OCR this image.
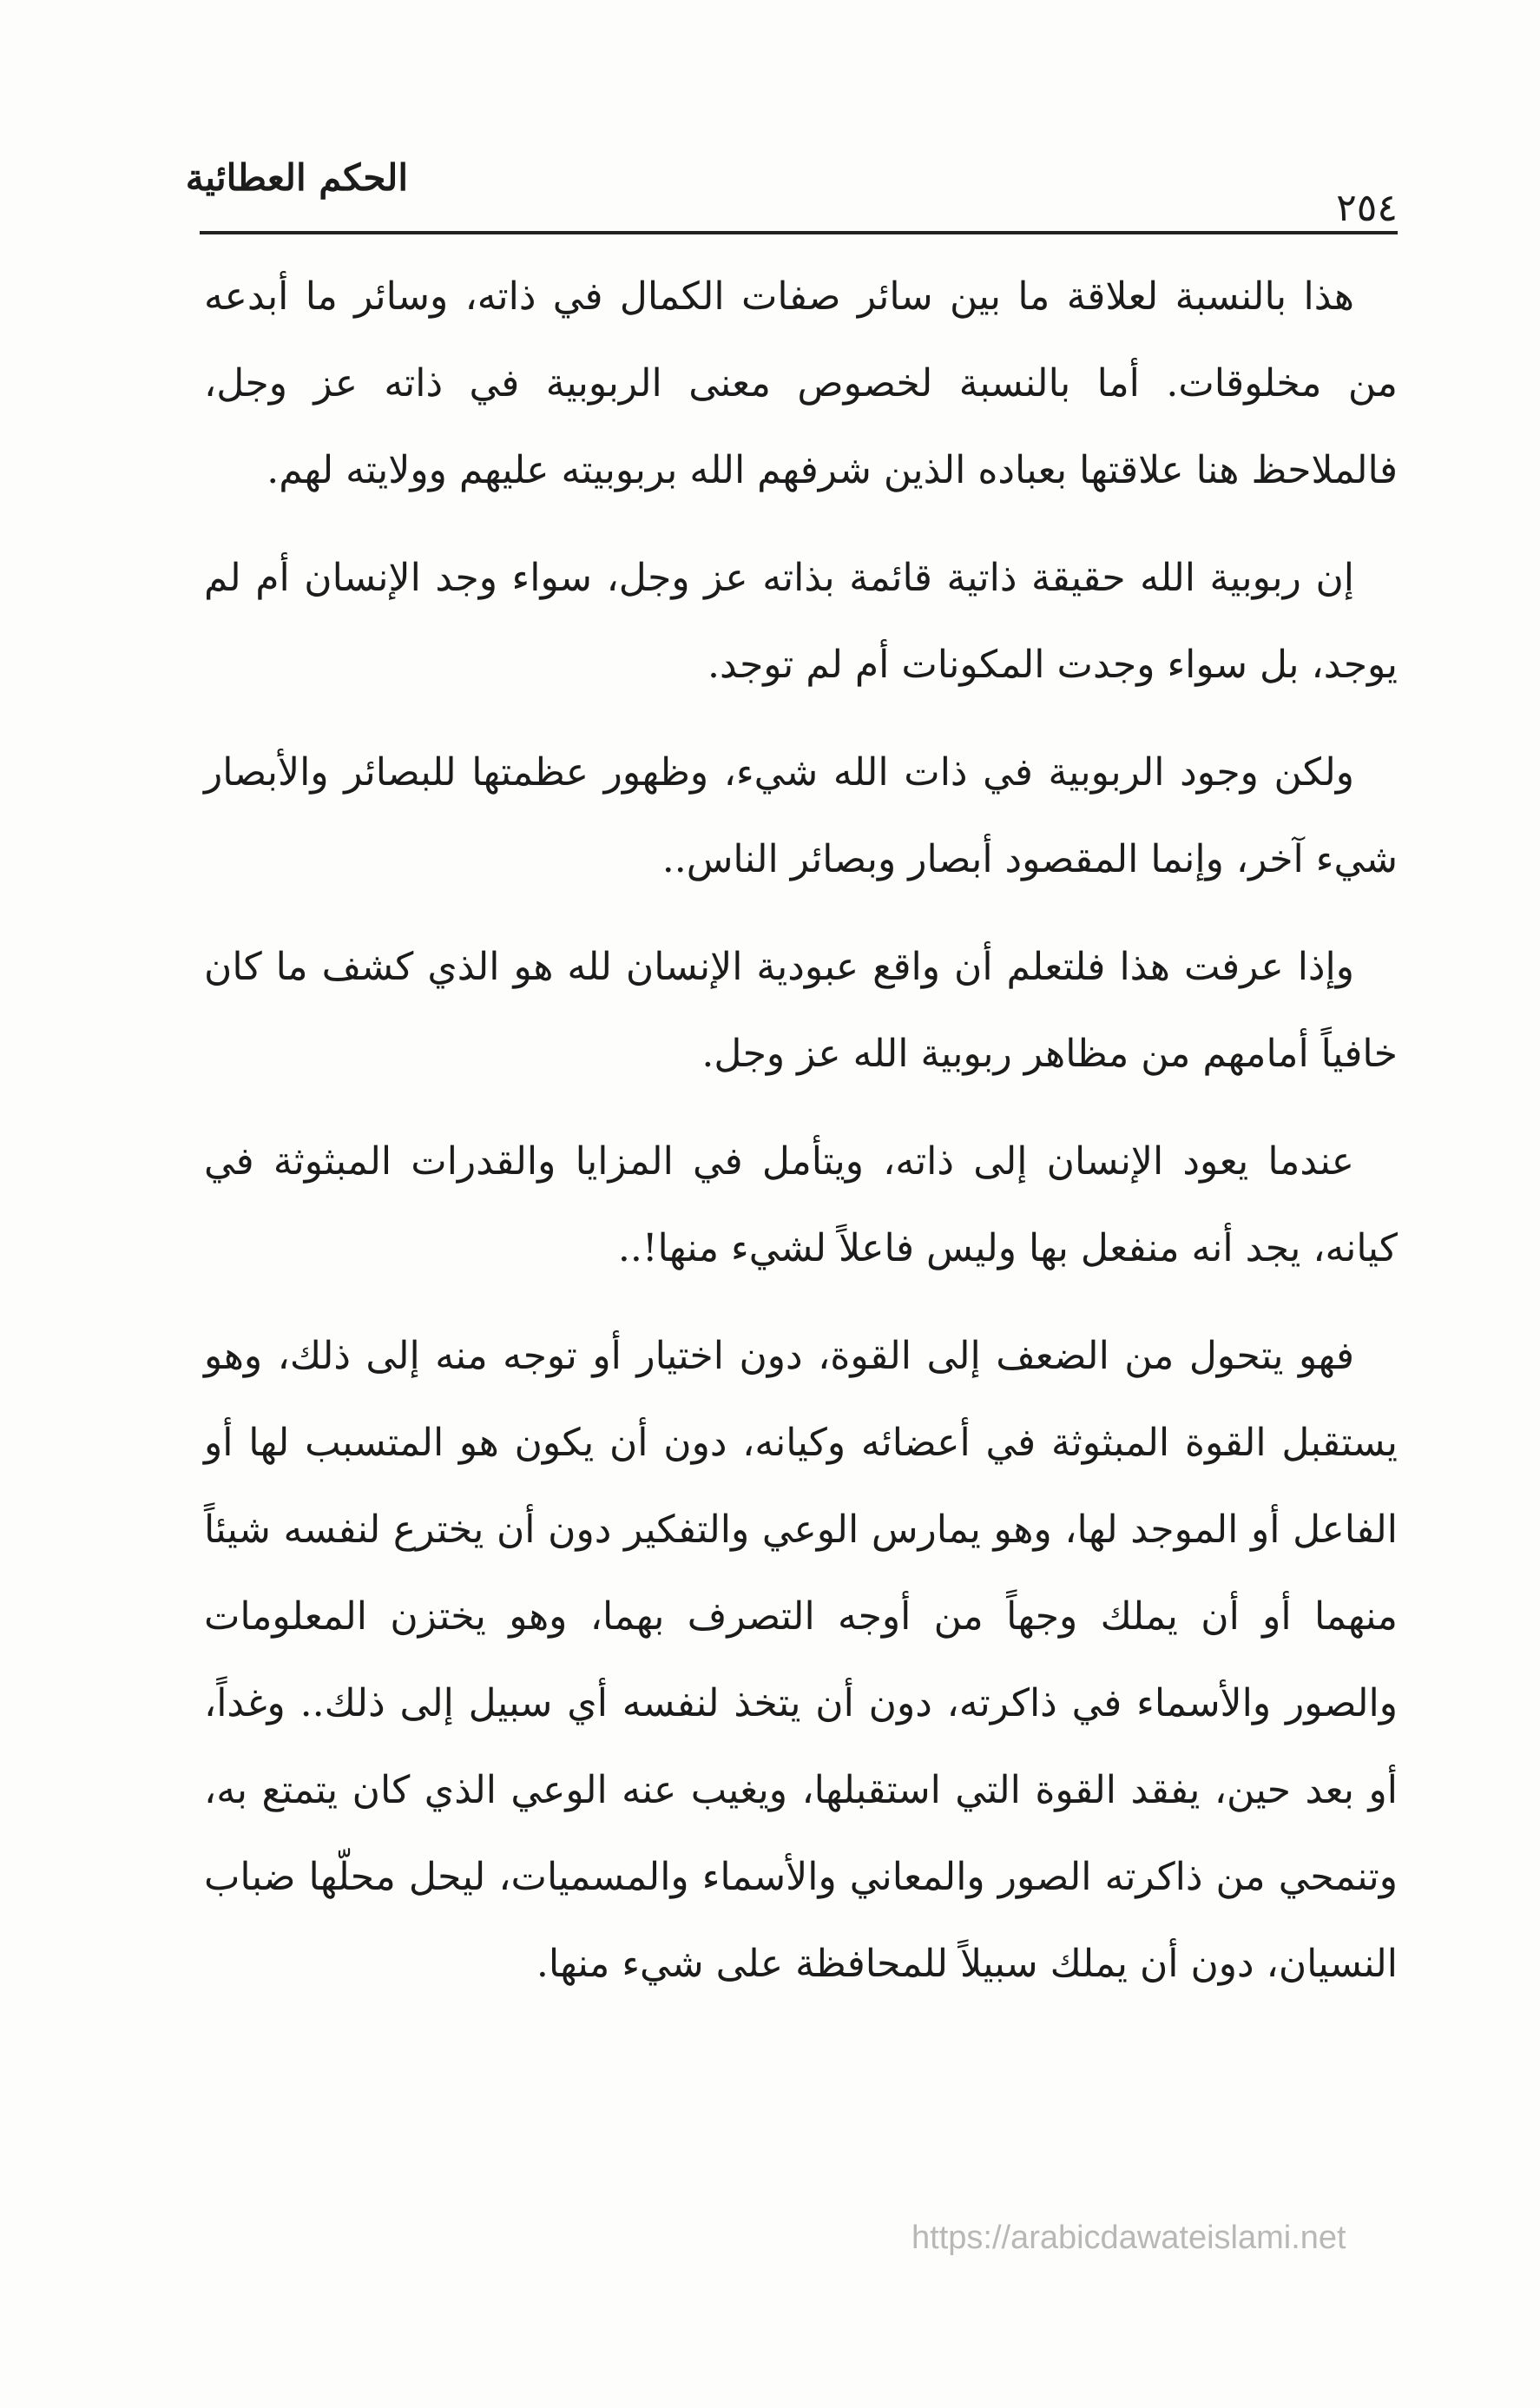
الحكم العطائية
٢٥٤

هذا بالنسبة لعلاقة ما بين سائر صفات الكمال في ذاته، وسائر ما أبدعه من مخلوقات. أما بالنسبة لخصوص معنى الربوبية في ذاته عز وجل، فالملاحظ هنا علاقتها بعباده الذين شرفهم الله بربوبيته عليهم وولايته لهم.

إن ربوبية الله حقيقة ذاتية قائمة بذاته عز وجل، سواء وجد الإنسان أم لم يوجد، بل سواء وجدت المكونات أم لم توجد.

ولكن وجود الربوبية في ذات الله شيء، وظهور عظمتها للبصائر والأبصار شيء آخر، وإنما المقصود أبصار وبصائر الناس..

وإذا عرفت هذا فلتعلم أن واقع عبودية الإنسان لله هو الذي كشف ما كان خافياً أمامهم من مظاهر ربوبية الله عز وجل.

عندما يعود الإنسان إلى ذاته، ويتأمل في المزايا والقدرات المبثوثة في كيانه، يجد أنه منفعل بها وليس فاعلاً لشيء منها!..

فهو يتحول من الضعف إلى القوة، دون اختيار أو توجه منه إلى ذلك، وهو يستقبل القوة المبثوثة في أعضائه وكيانه، دون أن يكون هو المتسبب لها أو الفاعل أو الموجد لها، وهو يمارس الوعي والتفكير دون أن يخترع لنفسه شيئاً منهما أو أن يملك وجهاً من أوجه التصرف بهما، وهو يختزن المعلومات والصور والأسماء في ذاكرته، دون أن يتخذ لنفسه أي سبيل إلى ذلك.. وغداً، أو بعد حين، يفقد القوة التي استقبلها، ويغيب عنه الوعي الذي كان يتمتع به، وتنمحي من ذاكرته الصور والمعاني والأسماء والمسميات، ليحل محلّها ضباب النسيان، دون أن يملك سبيلاً للمحافظة على شيء منها.

https://arabicdawateislami.net
